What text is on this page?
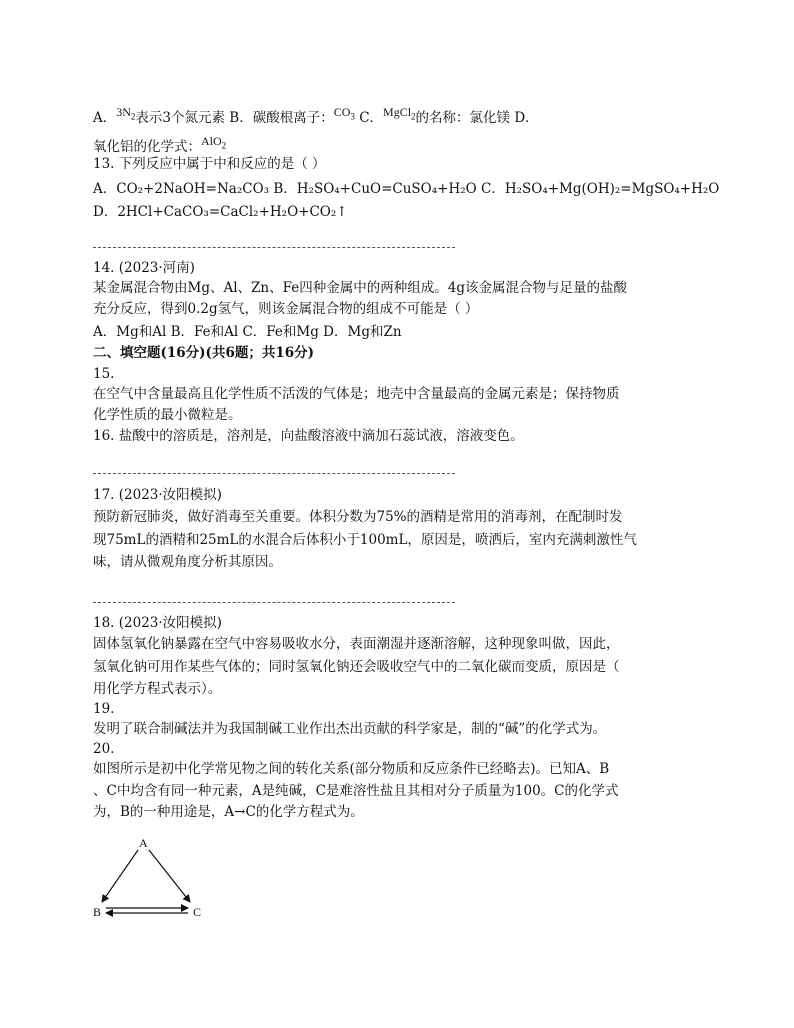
A．$3N_2$表示3个氮元素 B．碳酸根离子：$CO_3$ C．MgCl$_2$的名称：氯化镁 D．
氧化铝的化学式：AlO$_2$
13. 下列反应中属于中和反应的是（ ）
A．CO₂+2NaOH=Na₂CO₃ B．H₂SO₄+CuO=CuSO₄+H₂O C．H₂SO₄+Mg(OH)₂=MgSO₄+H₂O
D．2HCl+CaCO₃=CaCl₂+H₂O+CO₂↑
14. (2023·河南)
某金属混合物由Mg、Al、Zn、Fe四种金属中的两种组成。4g该金属混合物与足量的盐酸
充分反应，得到0.2g氢气，则该金属混合物的组成不可能是（ ）
A．Mg和Al B．Fe和Al C．Fe和Mg D．Mg和Zn
二、填空题(16分)(共6题；共16分)
15.
在空气中含量最高且化学性质不活泼的气体是；地壳中含量最高的金属元素是；保持物质
化学性质的最小微粒是。
16. 盐酸中的溶质是，溶剂是，向盐酸溶液中滴加石蕊试液，溶液变色。
17. (2023·汝阳模拟)
预防新冠肺炎，做好消毒至关重要。体积分数为75%的酒精是常用的消毒剂，在配制时发
现75mL的酒精和25mL的水混合后体积小于100mL，原因是，喷洒后，室内充满刺激性气
味，请从微观角度分析其原因。
18. (2023·汝阳模拟)
固体氢氧化钠暴露在空气中容易吸收水分，表面潮湿并逐渐溶解，这种现象叫做，因此，
氢氧化钠可用作某些气体的；同时氢氧化钠还会吸收空气中的二氧化碳而变质，原因是（
用化学方程式表示）。
19.
发明了联合制碱法并为我国制碱工业作出杰出贡献的科学家是，制的“碱”的化学式为。
20.
如图所示是初中化学常见物之间的转化关系(部分物质和反应条件已经略去)。已知A、B
、C中均含有同一种元素，A是纯碱，C是难溶性盐且其相对分子质量为100。C的化学式
为，B的一种用途是，A→C的化学方程式为。
A
B	C
